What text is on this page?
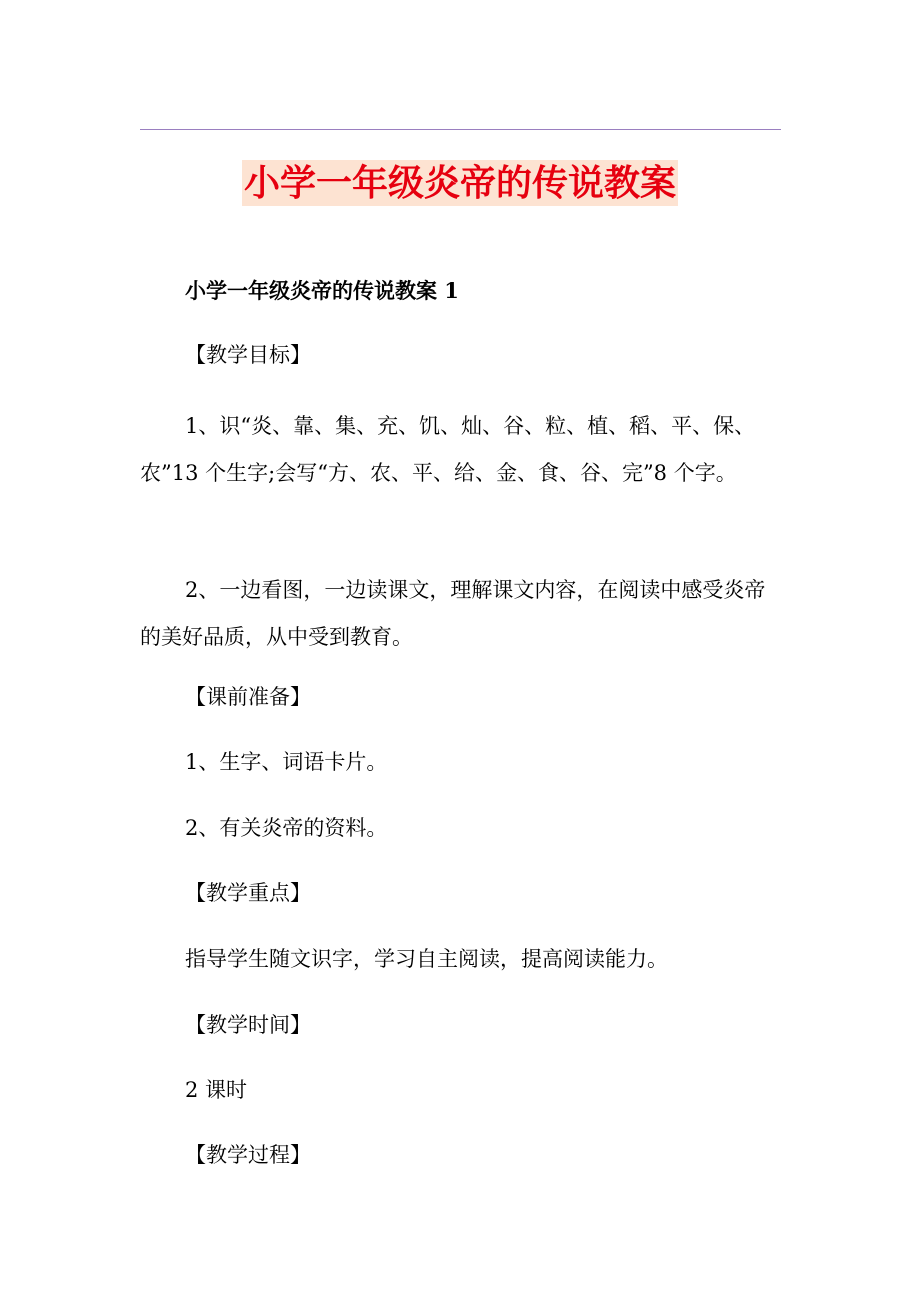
小学一年级炎帝的传说教案

小学一年级炎帝的传说教案 1

【教学目标】

1、识“炎、靠、集、充、饥、灿、谷、粒、植、稻、平、保、农”13 个生字;会写“方、农、平、给、金、食、谷、完”8 个字。

2、一边看图，一边读课文，理解课文内容，在阅读中感受炎帝的美好品质，从中受到教育。

【课前准备】

1、生字、词语卡片。

2、有关炎帝的资料。

【教学重点】

指导学生随文识字，学习自主阅读，提高阅读能力。

【教学时间】

2 课时

【教学过程】
